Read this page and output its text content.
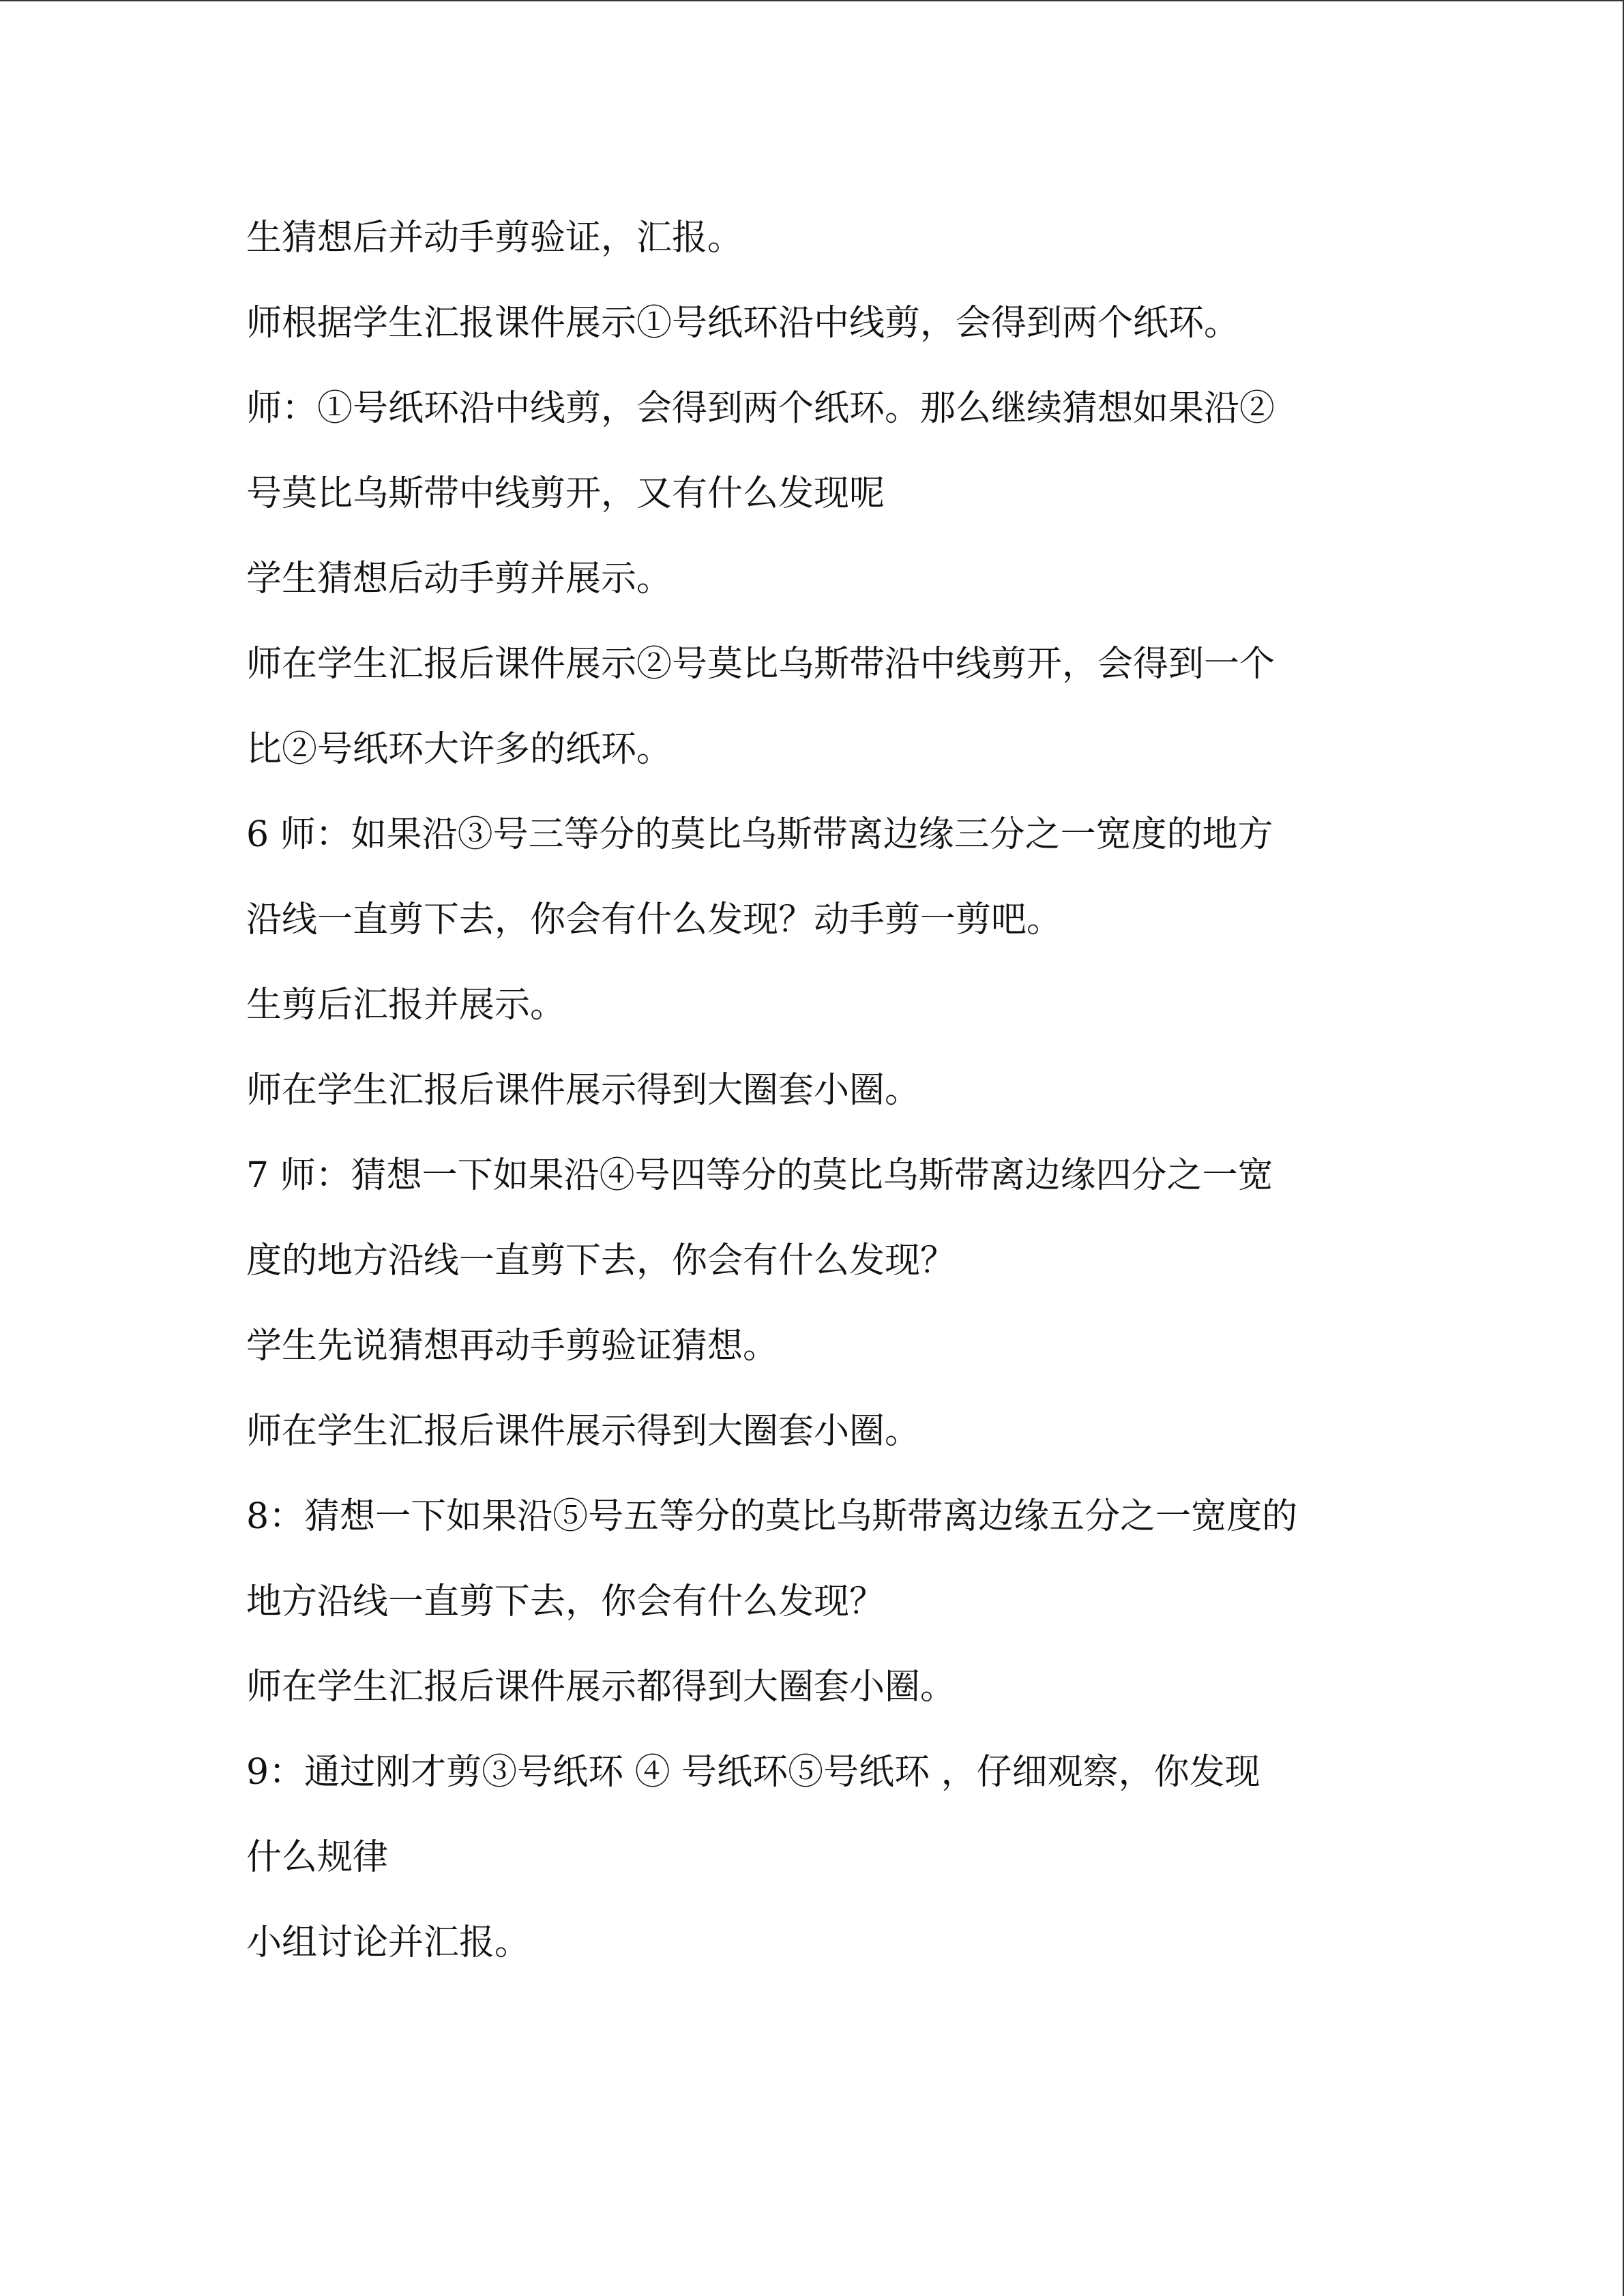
生猜想后并动手剪验证，汇报。

师根据学生汇报课件展示①号纸环沿中线剪，会得到两个纸环。

师：①号纸环沿中线剪，会得到两个纸环。那么继续猜想如果沿②

号莫比乌斯带中线剪开，又有什么发现呢

学生猜想后动手剪并展示。

师在学生汇报后课件展示②号莫比乌斯带沿中线剪开，会得到一个

比②号纸环大许多的纸环。

6 师：如果沿③号三等分的莫比乌斯带离边缘三分之一宽度的地方

沿线一直剪下去，你会有什么发现？动手剪一剪吧。

生剪后汇报并展示。

师在学生汇报后课件展示得到大圈套小圈。

7 师：猜想一下如果沿④号四等分的莫比乌斯带离边缘四分之一宽

度的地方沿线一直剪下去，你会有什么发现？

学生先说猜想再动手剪验证猜想。

师在学生汇报后课件展示得到大圈套小圈。

8：猜想一下如果沿⑤号五等分的莫比乌斯带离边缘五分之一宽度的

地方沿线一直剪下去，你会有什么发现？

师在学生汇报后课件展示都得到大圈套小圈。

9：通过刚才剪③号纸环 ④ 号纸环⑤号纸环 ，仔细观察，你发现

什么规律

小组讨论并汇报。
